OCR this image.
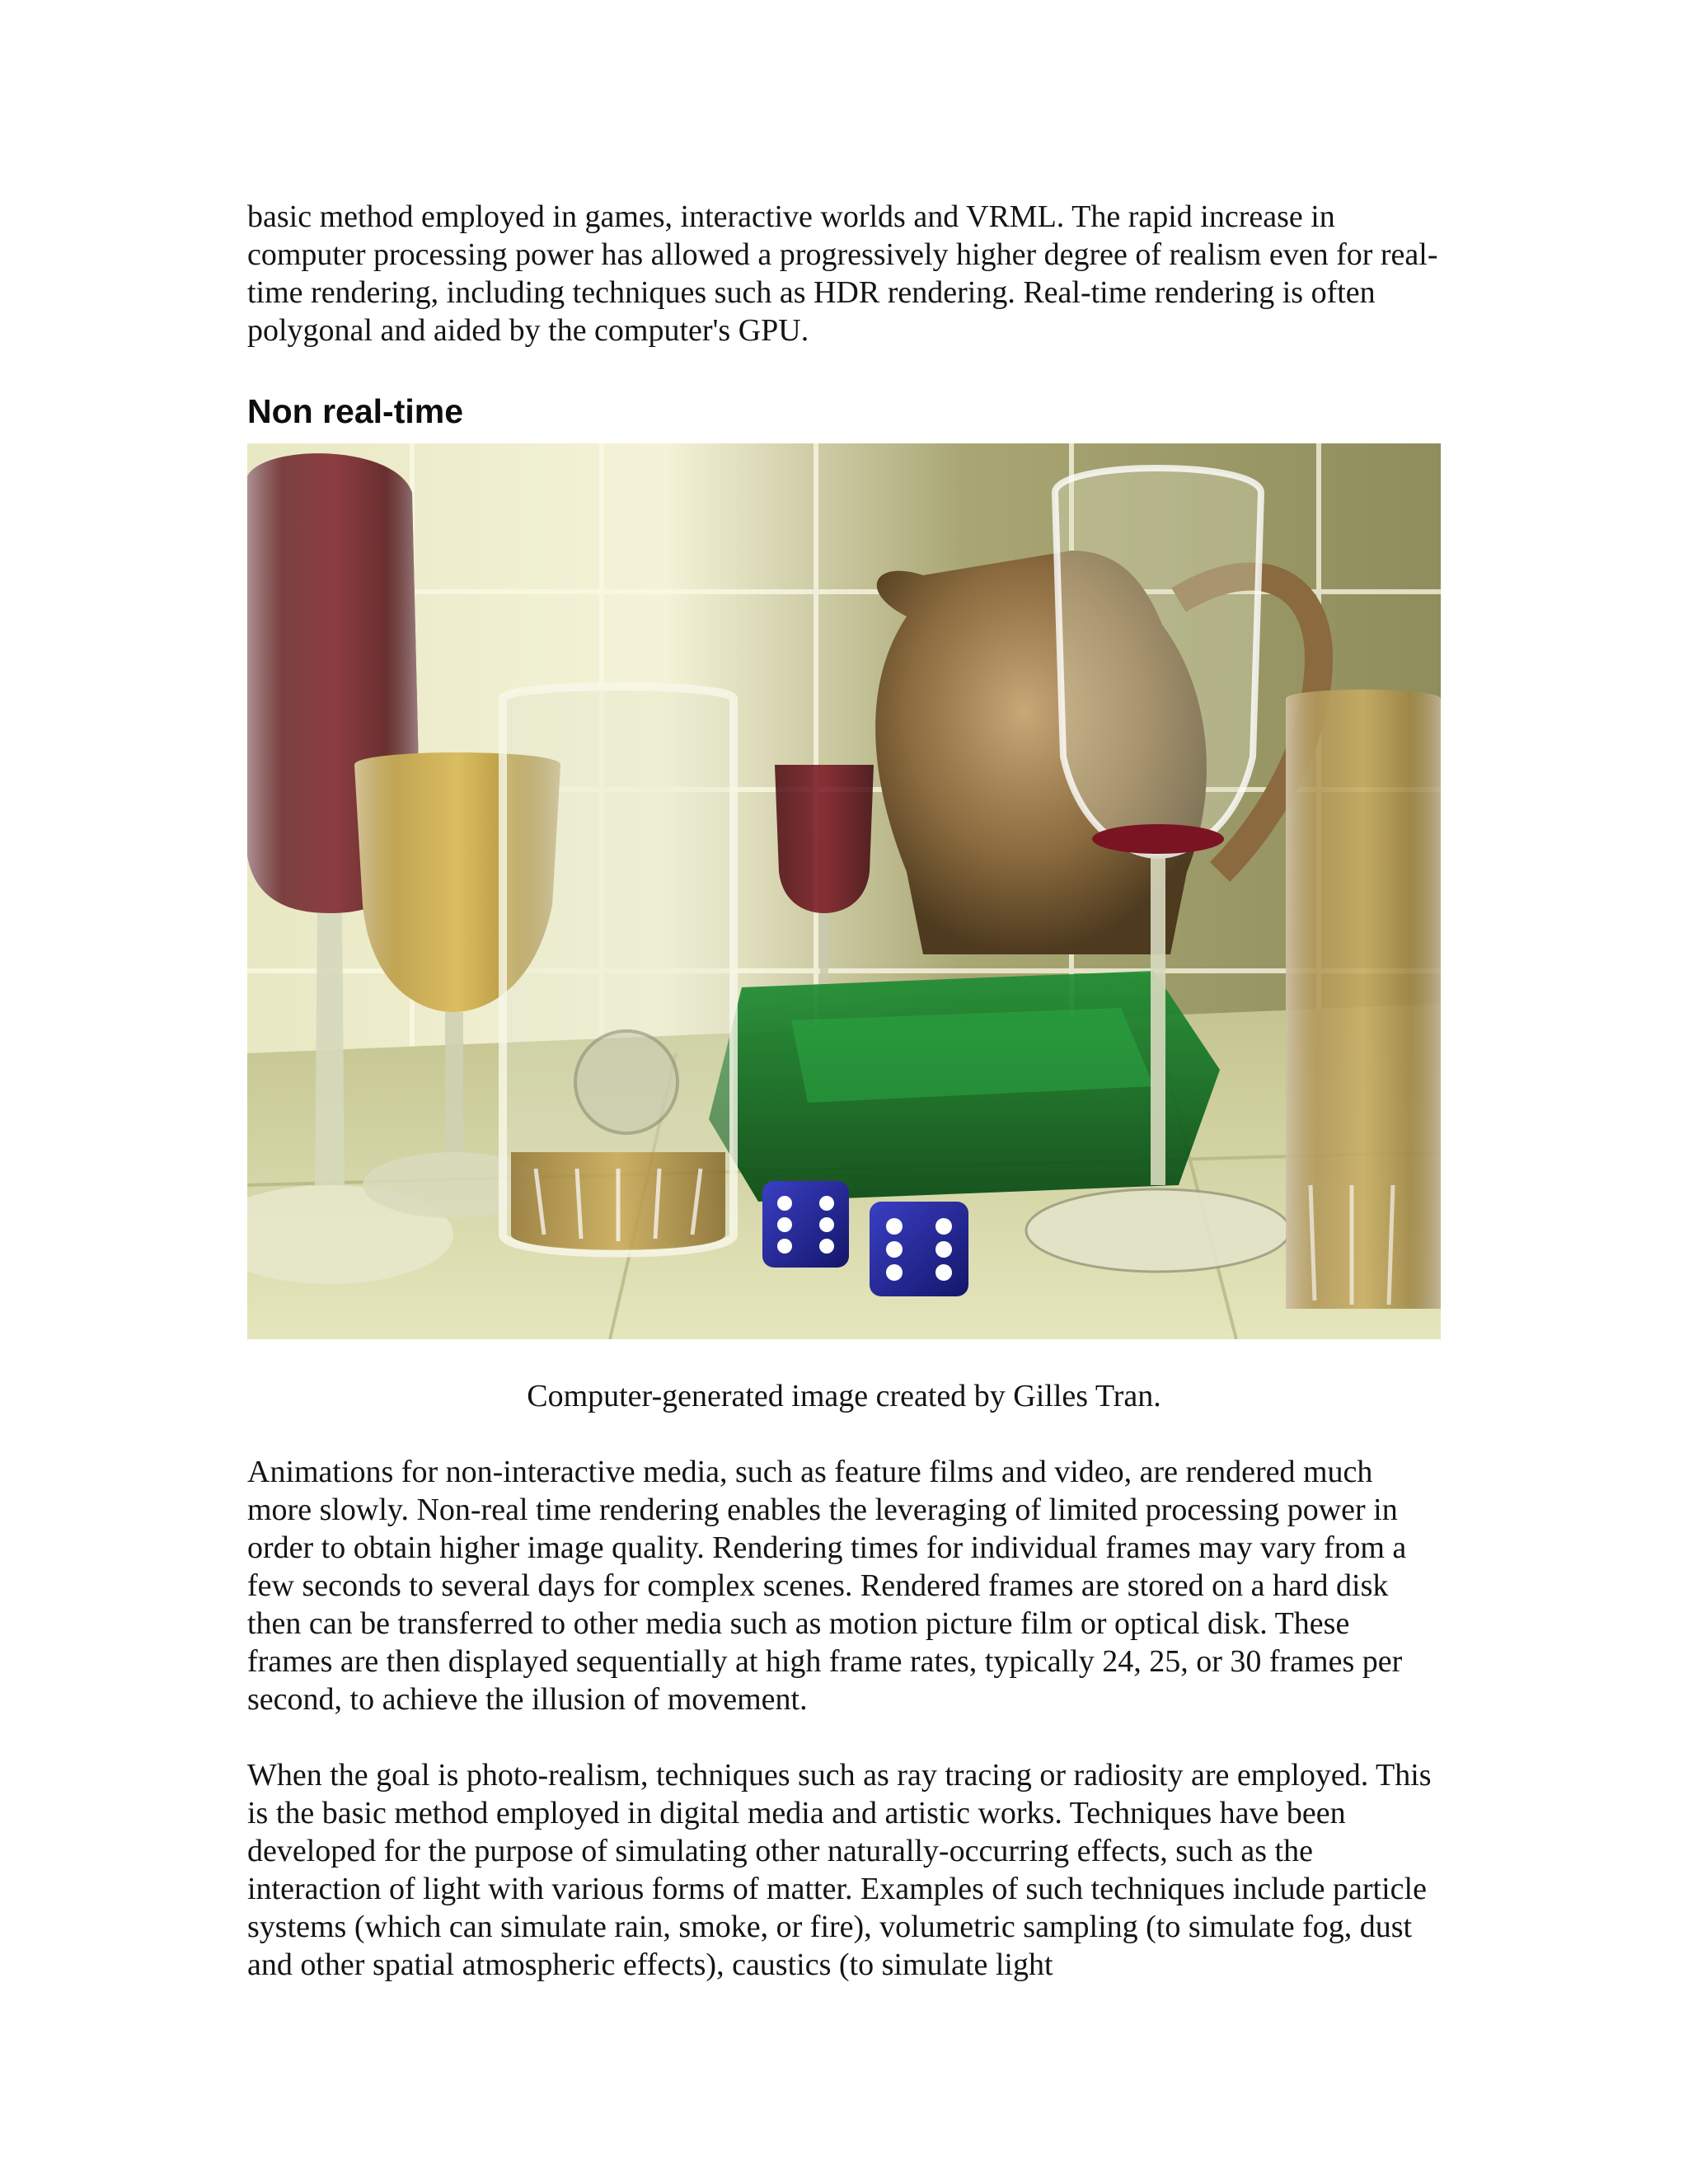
basic method employed in games, interactive worlds and VRML. The rapid increase in computer processing power has allowed a progressively higher degree of realism even for real-time rendering, including techniques such as HDR rendering. Real-time rendering is often polygonal and aided by the computer's GPU.

Non real-time

Computer-generated image created by Gilles Tran.

Animations for non-interactive media, such as feature films and video, are rendered much more slowly. Non-real time rendering enables the leveraging of limited processing power in order to obtain higher image quality. Rendering times for individual frames may vary from a few seconds to several days for complex scenes. Rendered frames are stored on a hard disk then can be transferred to other media such as motion picture film or optical disk. These frames are then displayed sequentially at high frame rates, typically 24, 25, or 30 frames per second, to achieve the illusion of movement.

When the goal is photo-realism, techniques such as ray tracing or radiosity are employed. This is the basic method employed in digital media and artistic works. Techniques have been developed for the purpose of simulating other naturally-occurring effects, such as the interaction of light with various forms of matter. Examples of such techniques include particle systems (which can simulate rain, smoke, or fire), volumetric sampling (to simulate fog, dust and other spatial atmospheric effects), caustics (to simulate light
